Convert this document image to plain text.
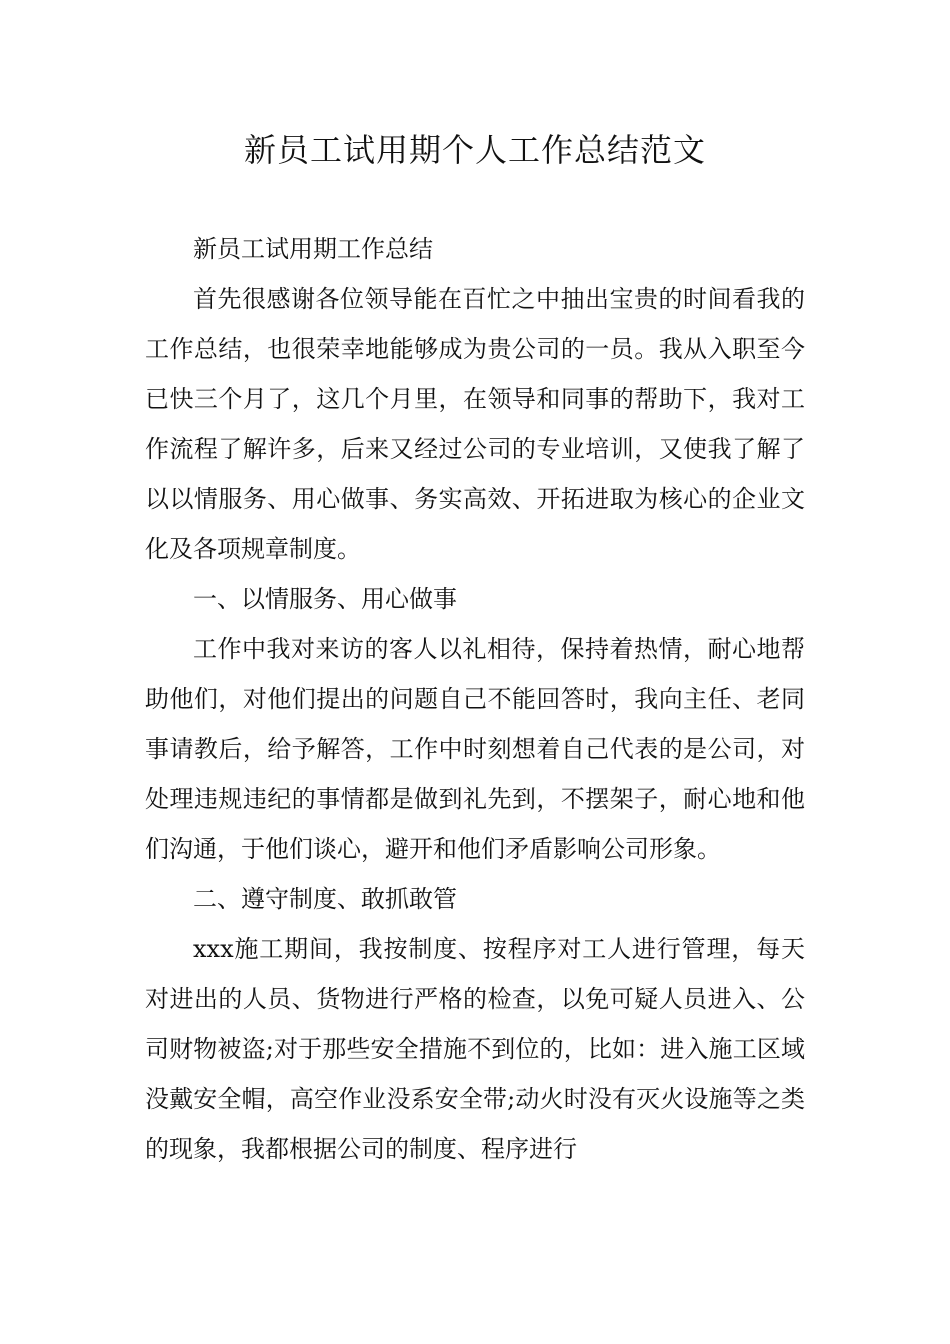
新员工试用期个人工作总结范文

新员工试用期工作总结

首先很感谢各位领导能在百忙之中抽出宝贵的时间看我的工作总结，也很荣幸地能够成为贵公司的一员。我从入职至今已快三个月了，这几个月里，在领导和同事的帮助下，我对工作流程了解许多，后来又经过公司的专业培训，又使我了解了以以情服务、用心做事、务实高效、开拓进取为核心的企业文化及各项规章制度。

一、以情服务、用心做事

工作中我对来访的客人以礼相待，保持着热情，耐心地帮助他们，对他们提出的问题自己不能回答时，我向主任、老同事请教后，给予解答，工作中时刻想着自己代表的是公司，对处理违规违纪的事情都是做到礼先到，不摆架子，耐心地和他们沟通，于他们谈心，避开和他们矛盾影响公司形象。

二、遵守制度、敢抓敢管

xxx施工期间，我按制度、按程序对工人进行管理，每天对进出的人员、货物进行严格的检查，以免可疑人员进入、公司财物被盗;对于那些安全措施不到位的，比如：进入施工区域没戴安全帽，高空作业没系安全带;动火时没有灭火设施等之类的现象，我都根据公司的制度、程序进行
